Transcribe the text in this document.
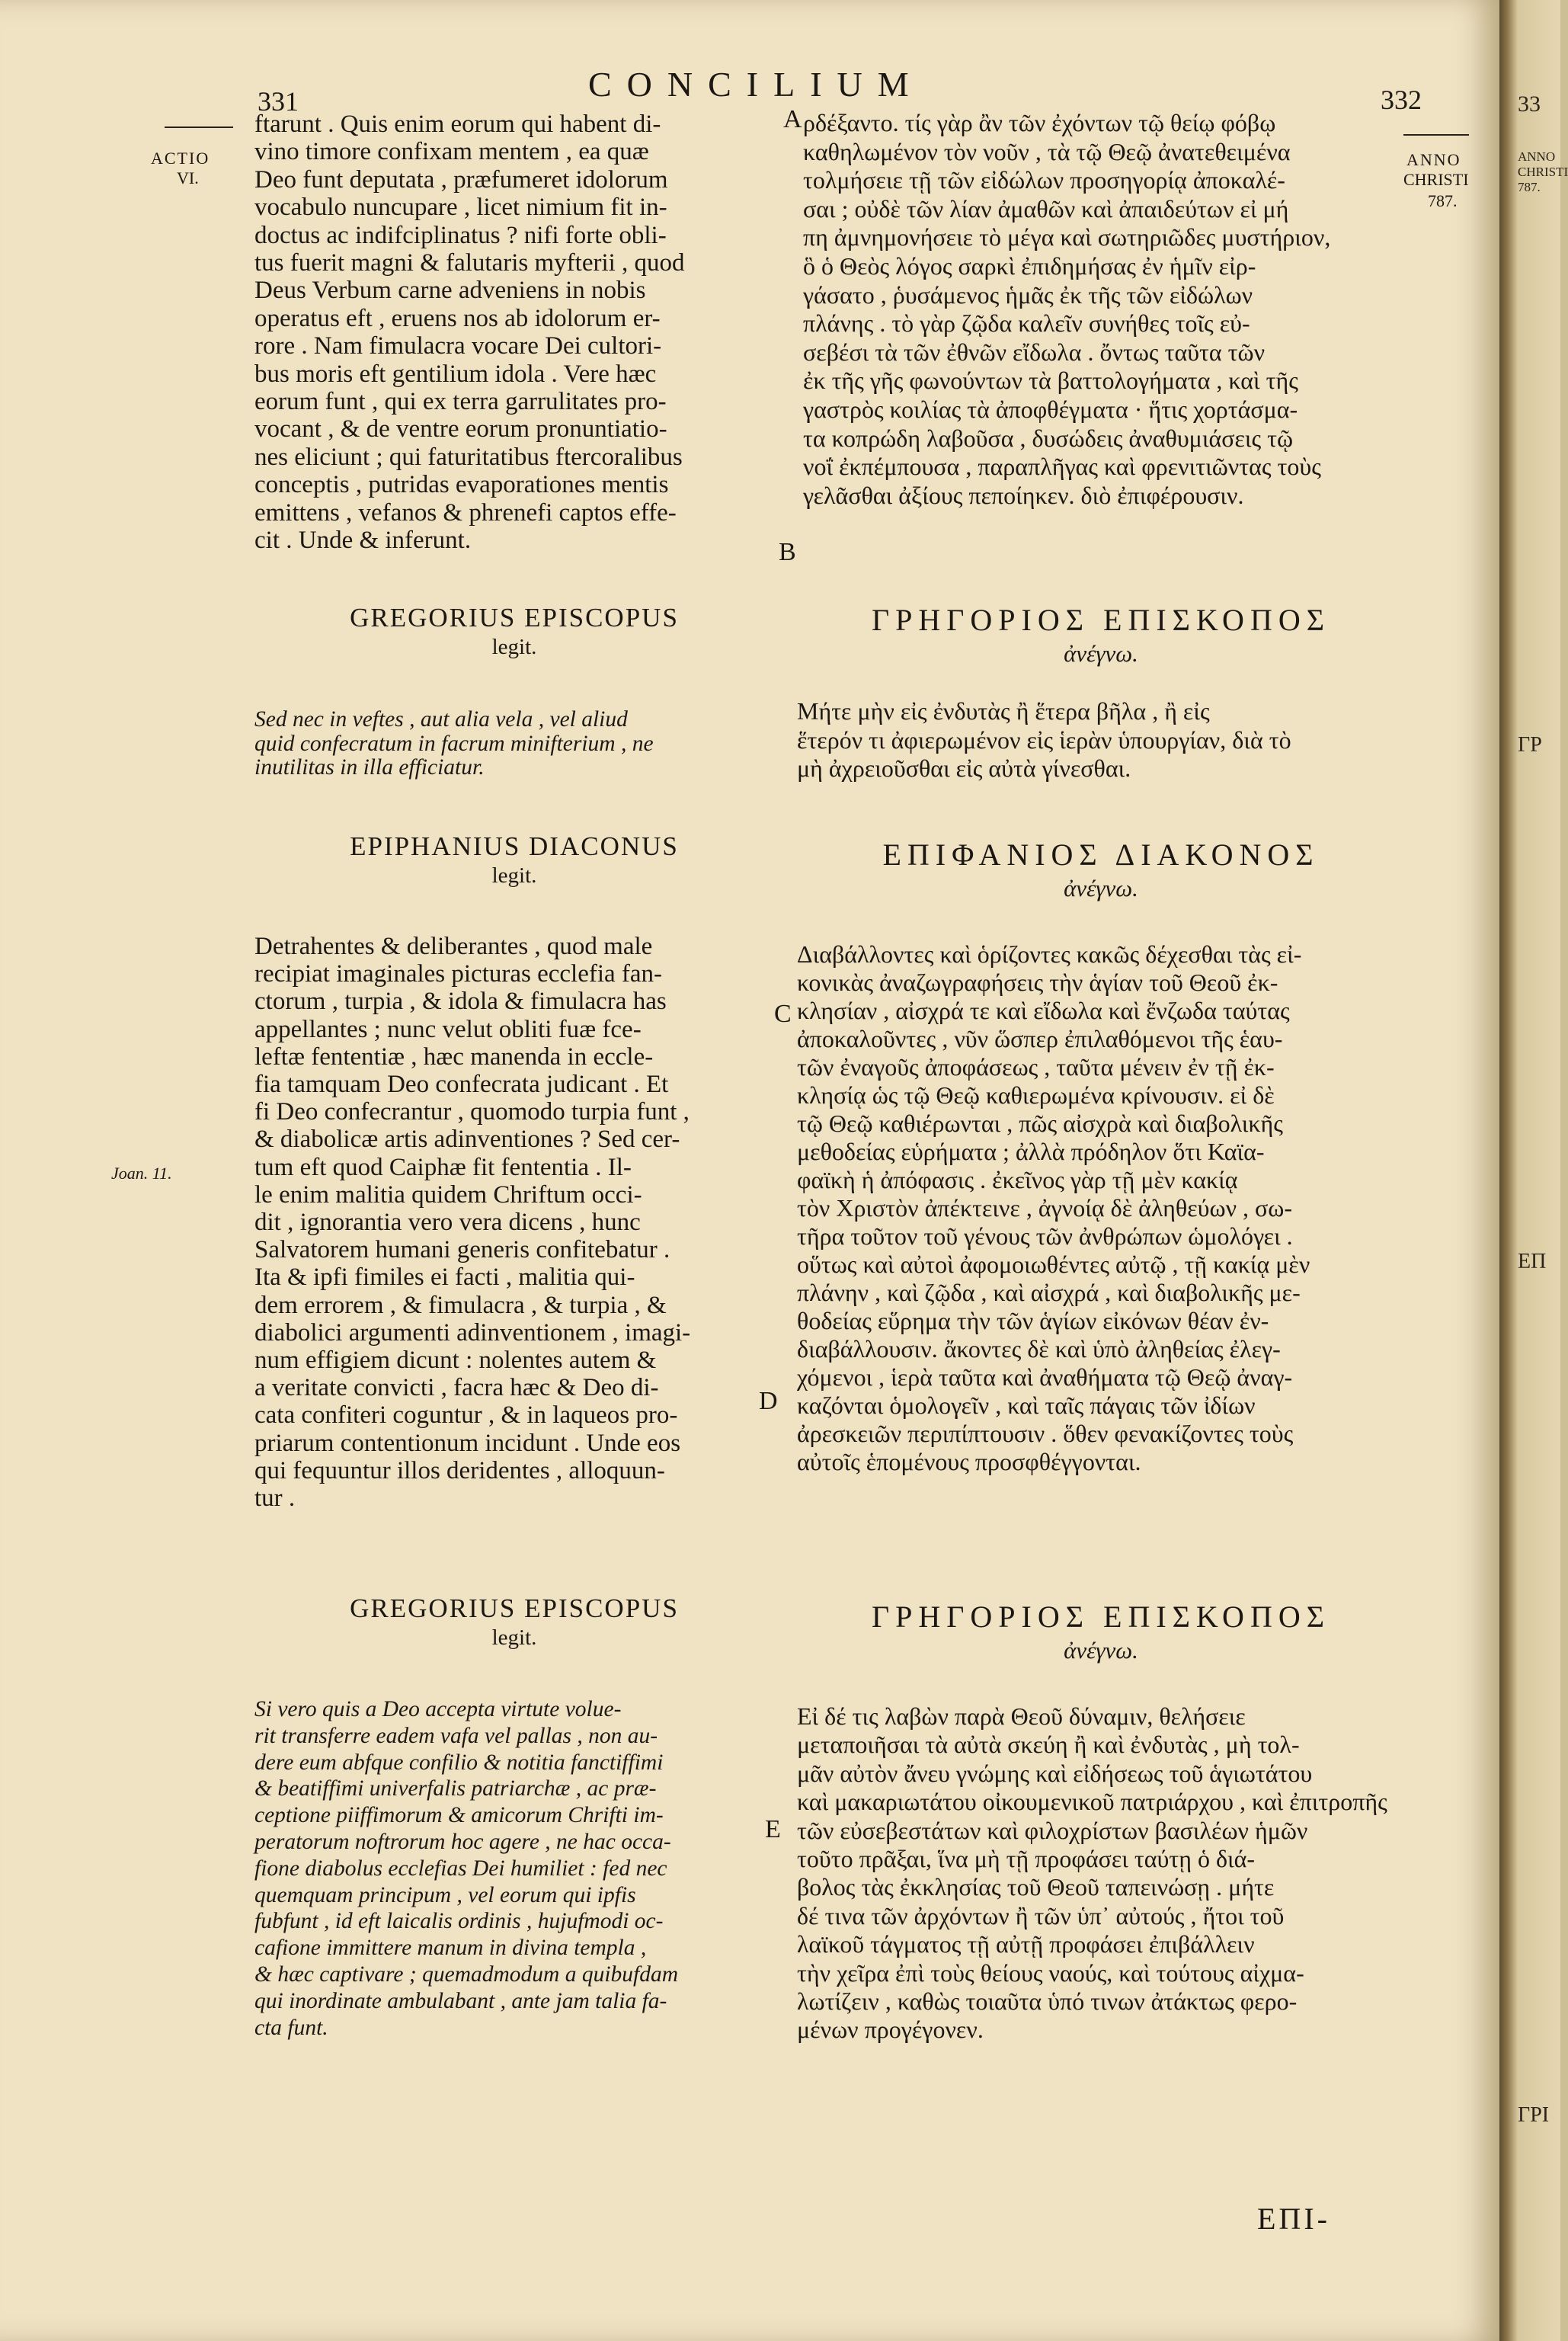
331	CONCILIUM	332
ACTIO
VI.
ANNO
CHRISTI
787.
Joan. 11.
A
B
C
D
E

ftarunt . Quis enim eorum qui habent di-

vino timore confixam mentem , ea quæ

Deo funt deputata , præfumeret idolorum

vocabulo nuncupare , licet nimium fit in-

doctus ac indifciplinatus ? nifi forte obli-

tus fuerit magni & falutaris myfterii , quod

Deus Verbum carne adveniens in nobis

operatus eft , eruens nos ab idolorum er-

rore . Nam fimulacra vocare Dei cultori-

bus moris eft gentilium idola . Vere hæc

eorum funt , qui ex terra garrulitates pro-

vocant , & de ventre eorum pronuntiatio-

nes eliciunt ; qui faturitatibus ftercoralibus

conceptis , putridas evaporationes mentis

emittens , vefanos & phrenefi captos effe-

cit . Unde & inferunt.

ρδέξαντο. τίς γὰρ ἂν τῶν ἐχόντων τῷ θείῳ φόβῳ

καθηλωμένον τὸν νοῦν , τὰ τῷ Θεῷ ἀνατεθειμένα

τολμήσειε τῇ τῶν εἰδώλων προσηγορίᾳ ἀποκαλέ-

σαι ; οὐδὲ τῶν λίαν ἀμαθῶν καὶ ἀπαιδεύτων εἰ μή

πη ἀμνημονήσειε τὸ μέγα καὶ σωτηριῶδες μυστήριον,

ὃ ὁ Θεὸς λόγος σαρκὶ ἐπιδημήσας ἐν ἡμῖν εἰρ-

γάσατο , ῥυσάμενος ἡμᾶς ἐκ τῆς τῶν εἰδώλων

πλάνης . τὸ γὰρ ζῷδα καλεῖν συνήθες τοῖς εὐ-

σεβέσι τὰ τῶν ἐθνῶν εἴδωλα . ὄντως ταῦτα τῶν

ἐκ τῆς γῆς φωνούντων τὰ βαττολογήματα , καὶ τῆς

γαστρὸς κοιλίας τὰ ἀποφθέγματα · ἥτις χορτάσμα-

τα κοπρώδη λαβοῦσα , δυσώδεις ἀναθυμιάσεις τῷ

νοΐ ἐκπέμπουσα , παραπλῆγας καὶ φρενιτιῶντας τοὺς

γελᾶσθαι ἀξίους πεποίηκεν. διὸ ἐπιφέρουσιν.

GREGORIUS EPISCOPUS
legit.
ΓΡΗΓΟΡΙΟΣ ΕΠΙΣΚΟΠΟΣ
ἀνέγνω.

Sed nec in veftes , aut alia vela , vel aliud

quid confecratum in facrum minifterium , ne

inutilitas in illa efficiatur.

Μήτε μὴν εἰς ἐνδυτὰς ἢ ἕτερα βῆλα , ἢ εἰς

ἕτερόν τι ἀφιερωμένον εἰς ἱερὰν ὑπουργίαν, διὰ τὸ

μὴ ἀχρειοῦσθαι εἰς αὐτὰ γίνεσθαι.

EPIPHANIUS DIACONUS
legit.
ΕΠΙΦΑΝΙΟΣ ΔΙΑΚΟΝΟΣ
ἀνέγνω.

Detrahentes & deliberantes , quod male

recipiat imaginales picturas ecclefia fan-

ctorum , turpia , & idola & fimulacra has

appellantes ; nunc velut obliti fuæ fce-

leftæ fententiæ , hæc manenda in eccle-

fia tamquam Deo confecrata judicant . Et

fi Deo confecrantur , quomodo turpia funt ,

& diabolicæ artis adinventiones ? Sed cer-

tum eft quod Caiphæ fit fententia . Il-

le enim malitia quidem Chriftum occi-

dit , ignorantia vero vera dicens , hunc

Salvatorem humani generis confitebatur .

Ita & ipfi fimiles ei facti , malitia qui-

dem errorem , & fimulacra , & turpia , &

diabolici argumenti adinventionem , imagi-

num effigiem dicunt : nolentes autem &

a veritate convicti , facra hæc & Deo di-

cata confiteri coguntur , & in laqueos pro-

priarum contentionum incidunt . Unde eos

qui fequuntur illos deridentes , alloquun-

tur .

Διαβάλλοντες καὶ ὁρίζοντες κακῶς δέχεσθαι τὰς εἰ-

κονικὰς ἀναζωγραφήσεις τὴν ἁγίαν τοῦ Θεοῦ ἐκ-

κλησίαν , αἰσχρά τε καὶ εἴδωλα καὶ ἔνζωδα ταύτας

ἀποκαλοῦντες , νῦν ὥσπερ ἐπιλαθόμενοι τῆς ἑαυ-

τῶν ἐναγοῦς ἀποφάσεως , ταῦτα μένειν ἐν τῇ ἐκ-

κλησίᾳ ὡς τῷ Θεῷ καθιερωμένα κρίνουσιν. εἰ δὲ

τῷ Θεῷ καθιέρωνται , πῶς αἰσχρὰ καὶ διαβολικῆς

μεθοδείας εὑρήματα ; ἀλλὰ πρόδηλον ὅτι Καϊα-

φαϊκὴ ἡ ἀπόφασις . ἐκεῖνος γὰρ τῇ μὲν κακίᾳ

τὸν Χριστὸν ἀπέκτεινε , ἀγνοίᾳ δὲ ἀληθεύων , σω-

τῆρα τοῦτον τοῦ γένους τῶν ἀνθρώπων ὡμολόγει .

οὕτως καὶ αὐτοὶ ἀφομοιωθέντες αὐτῷ , τῇ κακίᾳ μὲν

πλάνην , καὶ ζῷδα , καὶ αἰσχρά , καὶ διαβολικῆς με-

θοδείας εὕρημα τὴν τῶν ἁγίων εἰκόνων θέαν ἐν-

διαβάλλουσιν. ἄκοντες δὲ καὶ ὑπὸ ἀληθείας ἐλεγ-

χόμενοι , ἱερὰ ταῦτα καὶ ἀναθήματα τῷ Θεῷ ἀναγ-

καζόνται ὁμολογεῖν , καὶ ταῖς πάγαις τῶν ἰδίων

ἀρεσκειῶν περιπίπτουσιν . ὅθεν φενακίζοντες τοὺς

αὐτοῖς ἑπομένους προσφθέγγονται.

GREGORIUS EPISCOPUS
legit.
ΓΡΗΓΟΡΙΟΣ ΕΠΙΣΚΟΠΟΣ
ἀνέγνω.

Si vero quis a Deo accepta virtute volue-

rit transferre eadem vafa vel pallas , non au-

dere eum abfque confilio & notitia fanctiffimi

& beatiffimi univerfalis patriarchæ , ac præ-

ceptione piiffimorum & amicorum Chrifti im-

peratorum noftrorum hoc agere , ne hac occa-

fione diabolus ecclefias Dei humiliet : fed nec

quemquam principum , vel eorum qui ipfis

fubfunt , id eft laicalis ordinis , hujufmodi oc-

cafione immittere manum in divina templa ,

& hæc captivare ; quemadmodum a quibufdam

qui inordinate ambulabant , ante jam talia fa-

cta funt.

Εἰ δέ τις λαβὼν παρὰ Θεοῦ δύναμιν, θελήσειε

μεταποιῆσαι τὰ αὐτὰ σκεύη ἢ καὶ ἐνδυτὰς , μὴ τολ-

μᾶν αὐτὸν ἄνευ γνώμης καὶ εἰδήσεως τοῦ ἁγιωτάτου

καὶ μακαριωτάτου οἰκουμενικοῦ πατριάρχου , καὶ ἐπιτροπῆς

τῶν εὐσεβεστάτων καὶ φιλοχρίστων βασιλέων ἡμῶν

τοῦτο πρᾶξαι, ἵνα μὴ τῇ προφάσει ταύτῃ ὁ διά-

βολος τὰς ἐκκλησίας τοῦ Θεοῦ ταπεινώσῃ . μήτε

δέ τινα τῶν ἀρχόντων ἢ τῶν ὑπ᾽ αὐτούς , ἤτοι τοῦ

λαϊκοῦ τάγματος τῇ αὐτῇ προφάσει ἐπιβάλλειν

τὴν χεῖρα ἐπὶ τοὺς θείους ναούς, καὶ τούτους αἰχμα-

λωτίζειν , καθὼς τοιαῦτα ὑπό τινων ἀτάκτως φερο-

μένων προγέγονεν.

ΕΠΙ-
33
ANNO
CHRISTI
787.
ΓΡ
ΕΠ
ΓΡΙ
